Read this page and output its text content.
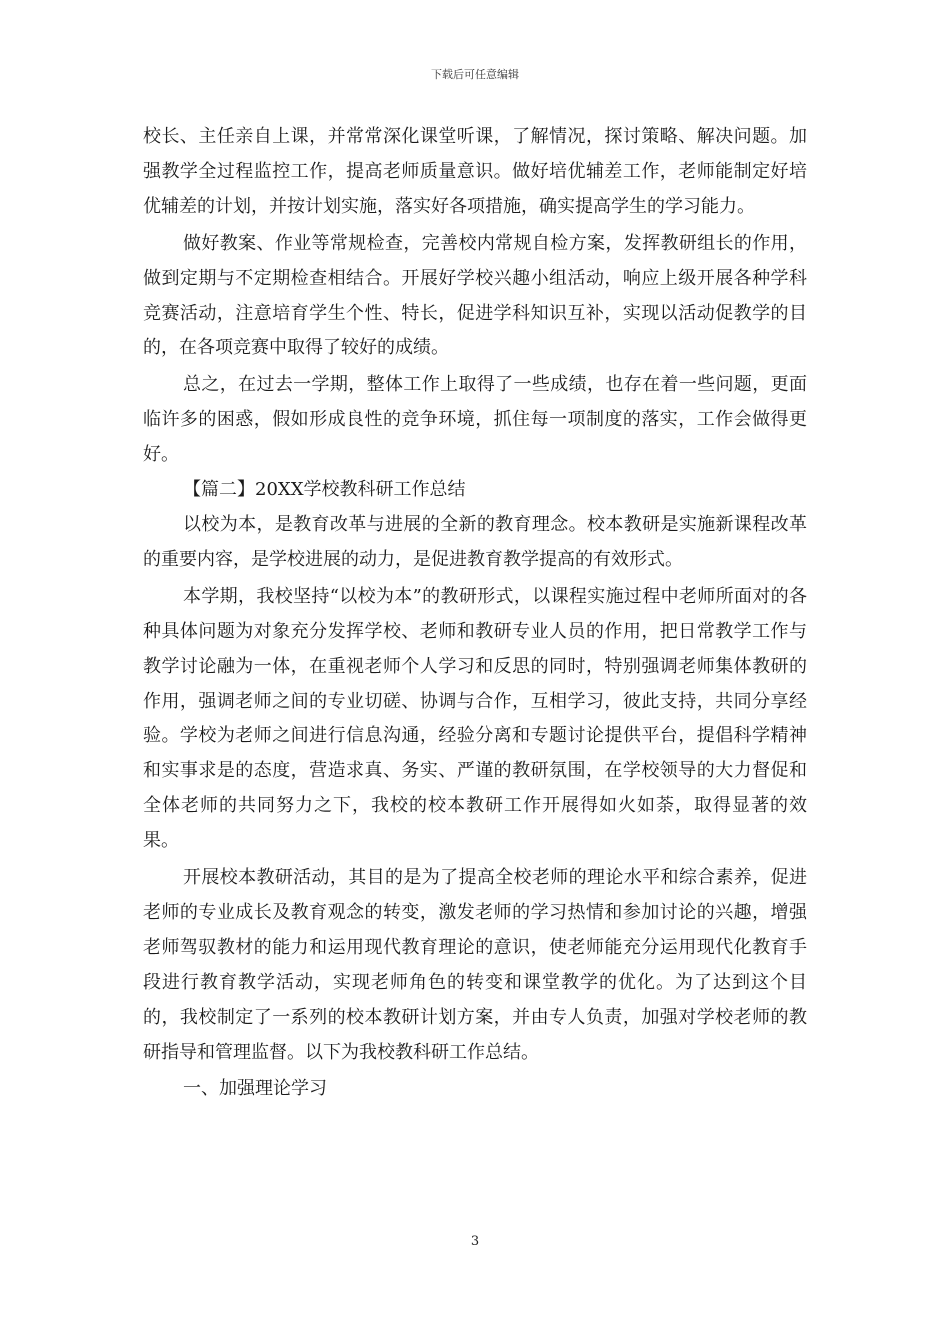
下载后可任意编辑

校长、主任亲自上课，并常常深化课堂听课，了解情况，探讨策略、解决问题。加强教学全过程监控工作，提高老师质量意识。做好培优辅差工作，老师能制定好培优辅差的计划，并按计划实施，落实好各项措施，确实提高学生的学习能力。

做好教案、作业等常规检查，完善校内常规自检方案，发挥教研组长的作用，做到定期与不定期检查相结合。开展好学校兴趣小组活动，响应上级开展各种学科竞赛活动，注意培育学生个性、特长，促进学科知识互补，实现以活动促教学的目的，在各项竞赛中取得了较好的成绩。

总之，在过去一学期，整体工作上取得了一些成绩，也存在着一些问题，更面临许多的困惑，假如形成良性的竞争环境，抓住每一项制度的落实，工作会做得更好。

【篇二】20XX学校教科研工作总结

以校为本，是教育改革与进展的全新的教育理念。校本教研是实施新课程改革的重要内容，是学校进展的动力，是促进教育教学提高的有效形式。

本学期，我校坚持“以校为本”的教研形式，以课程实施过程中老师所面对的各种具体问题为对象充分发挥学校、老师和教研专业人员的作用，把日常教学工作与教学讨论融为一体，在重视老师个人学习和反思的同时，特别强调老师集体教研的作用，强调老师之间的专业切磋、协调与合作，互相学习，彼此支持，共同分享经验。学校为老师之间进行信息沟通，经验分离和专题讨论提供平台，提倡科学精神和实事求是的态度，营造求真、务实、严谨的教研氛围，在学校领导的大力督促和全体老师的共同努力之下，我校的校本教研工作开展得如火如荼，取得显著的效果。

开展校本教研活动，其目的是为了提高全校老师的理论水平和综合素养，促进老师的专业成长及教育观念的转变，激发老师的学习热情和参加讨论的兴趣，增强老师驾驭教材的能力和运用现代教育理论的意识，使老师能充分运用现代化教育手段进行教育教学活动，实现老师角色的转变和课堂教学的优化。为了达到这个目的，我校制定了一系列的校本教研计划方案，并由专人负责，加强对学校老师的教研指导和管理监督。以下为我校教科研工作总结。

一、加强理论学习

3
